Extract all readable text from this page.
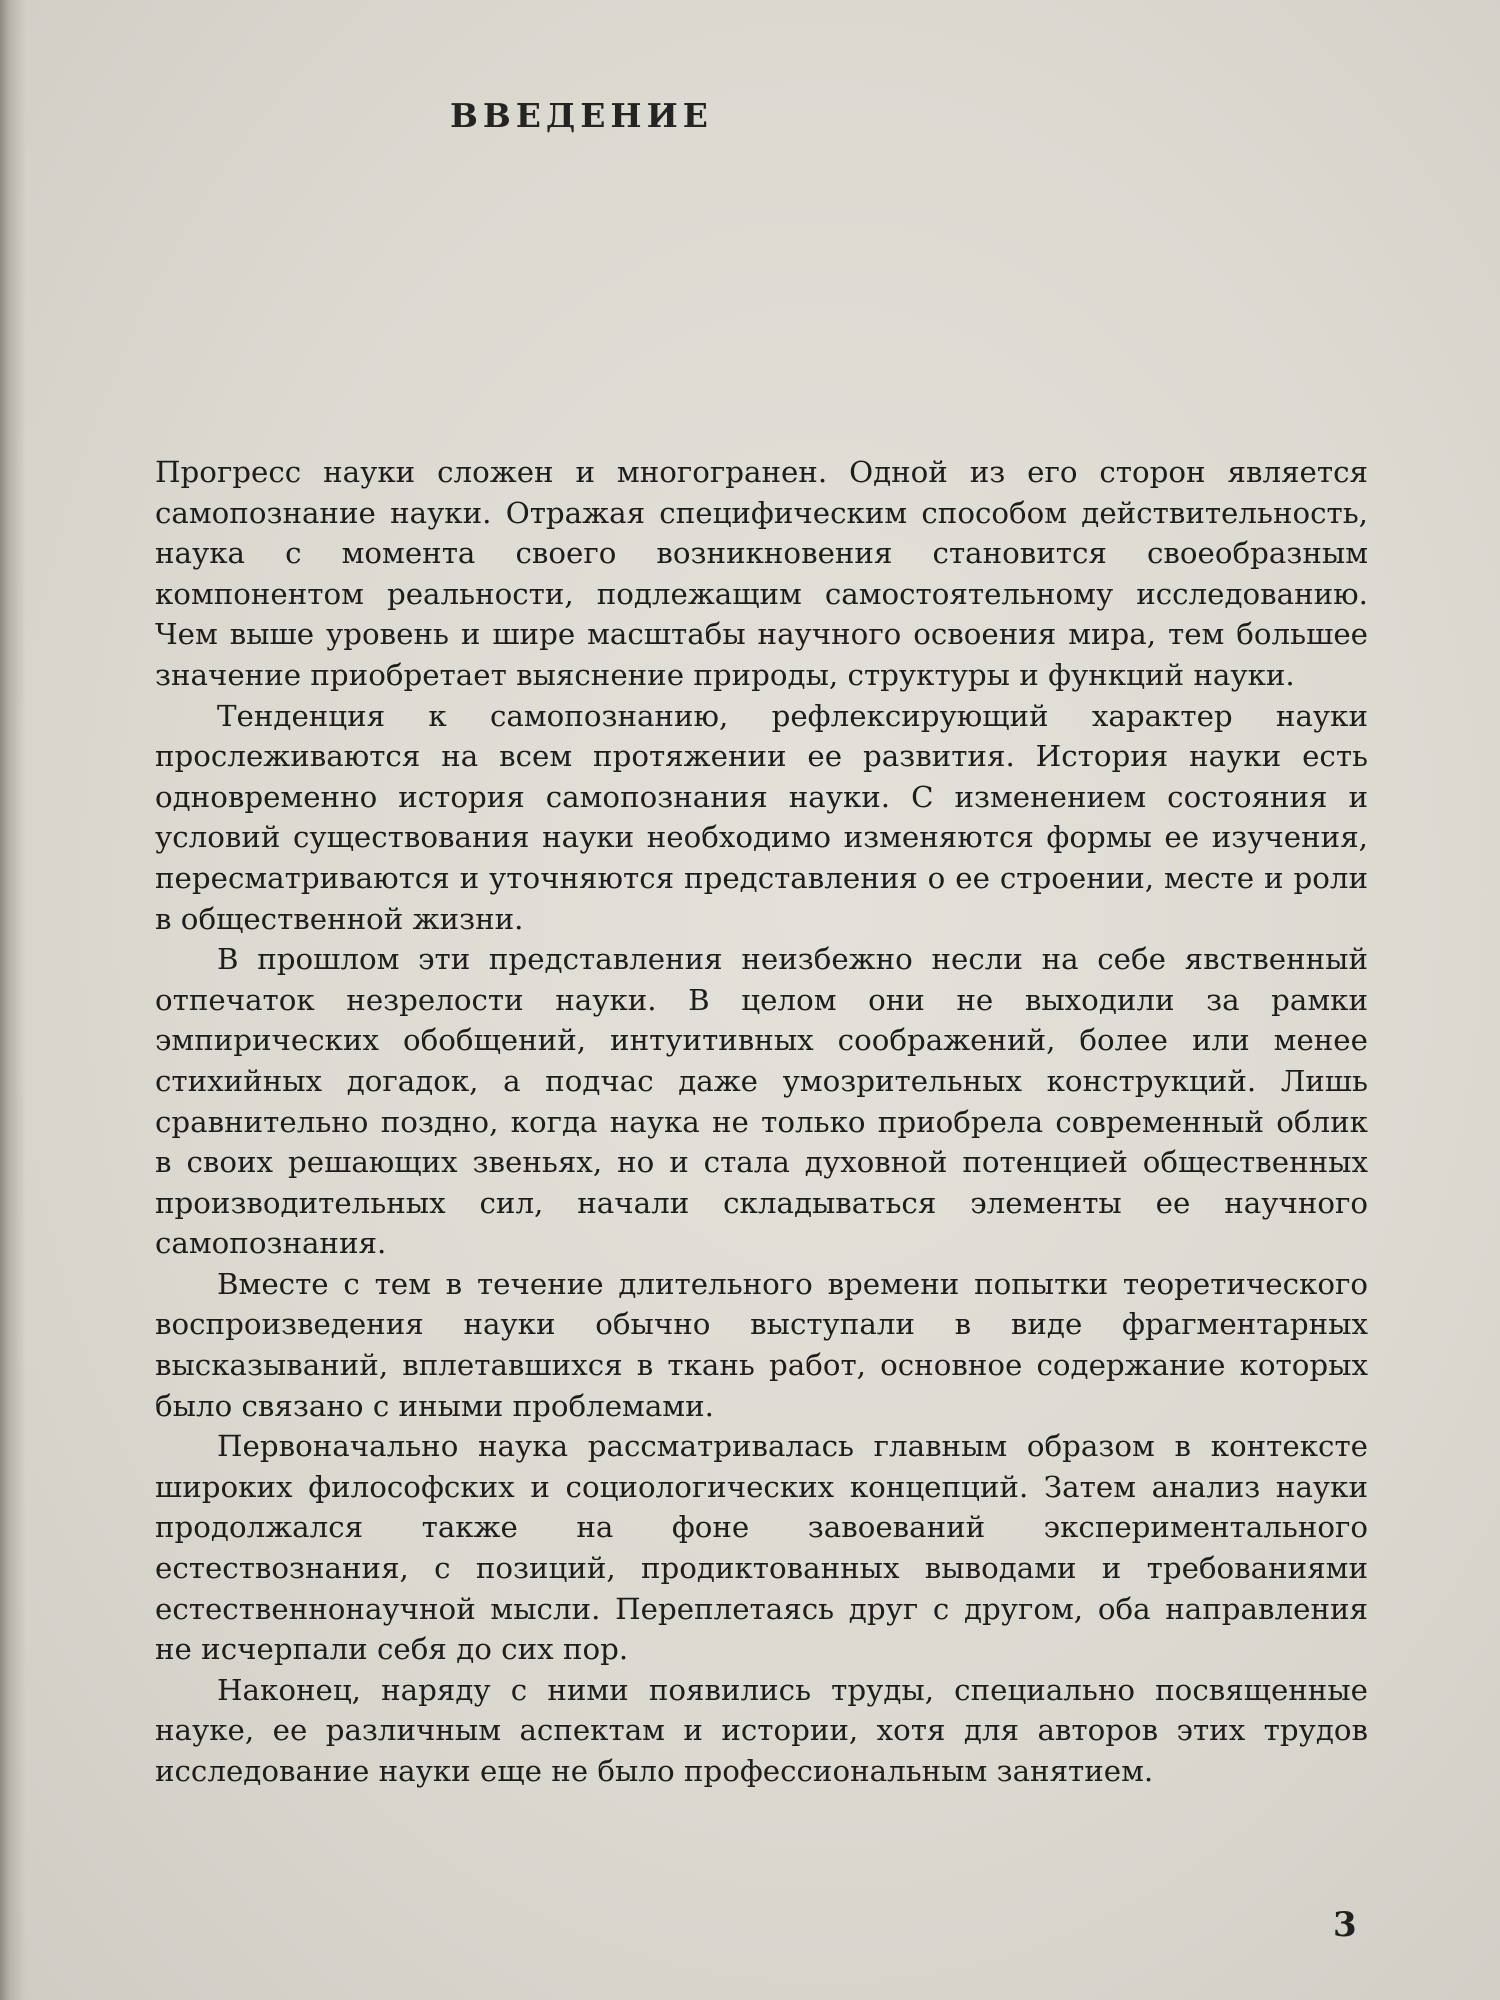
ВВЕДЕНИЕ

Прогресс науки сложен и многогранен. Одной из его сторон является самопознание науки. Отражая специфическим способом действительность, наука с момента своего возникновения становится своеобразным компонентом реальности, подлежащим самостоятельному исследованию. Чем выше уровень и шире масштабы научного освоения мира, тем большее значение приобретает выяснение природы, структуры и функций науки.

Тенденция к самопознанию, рефлексирующий характер науки прослеживаются на всем протяжении ее развития. История науки есть одновременно история самопознания науки. С изменением состояния и условий существования науки необходимо изменяются формы ее изучения, пересматриваются и уточняются представления о ее строении, месте и роли в общественной жизни.

В прошлом эти представления неизбежно несли на себе явственный отпечаток незрелости науки. В целом они не выходили за рамки эмпирических обобщений, интуитивных соображений, более или менее стихийных догадок, а подчас даже умозрительных конструкций. Лишь сравнительно поздно, когда наука не только приобрела современный облик в своих решающих звеньях, но и стала духовной потенцией общественных производительных сил, начали складываться элементы ее научного самопознания.

Вместе с тем в течение длительного времени попытки теоретического воспроизведения науки обычно выступали в виде фрагментарных высказываний, вплетавшихся в ткань работ, основное содержание которых было связано с иными проблемами.

Первоначально наука рассматривалась главным образом в контексте широких философских и социологических концепций. Затем анализ науки продолжался также на фоне завоеваний экспериментального естествознания, с позиций, продиктованных выводами и требованиями естественнонаучной мысли. Переплетаясь друг с другом, оба направления не исчерпали себя до сих пор.

Наконец, наряду с ними появились труды, специально посвященные науке, ее различным аспектам и истории, хотя для авторов этих трудов исследование науки еще не было профессиональным занятием.

3
